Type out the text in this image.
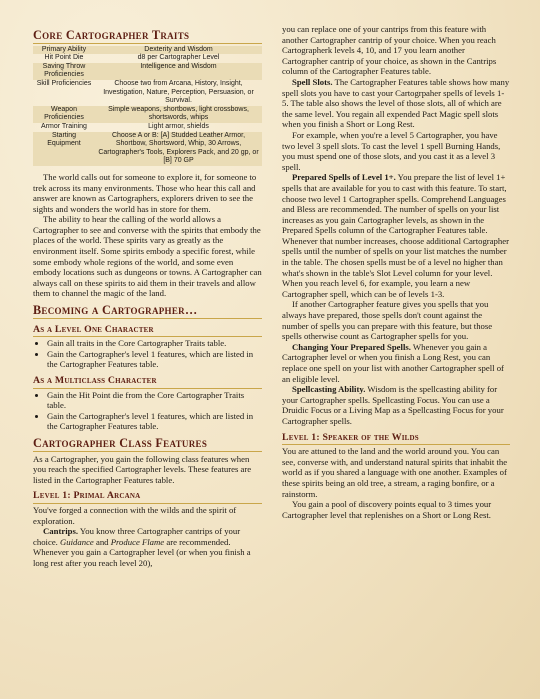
Core Cartographer Traits
Primary Ability	Dexterity and Wisdom
Hit Point Die	d8 per Cartographer Level
Saving Throw Proficiencies	Intelligence and Wisdom
Skill Proficiencies	Choose two from Arcana, History, Insight, Investigation, Nature, Perception, Persuasion, or Survival.
Weapon Proficiencies	Simple weapons, shortbows, light crossbows, shortswords, whips
Armor Training	Light armor, shields
Starting Equipment	Choose A or B: [A] Studded Leather Armor, Shortbow, Shortsword, Whip, 30 Arrows, Cartographer's Tools, Explorers Pack, and 20 gp, or [B] 70 GP

The world calls out for someone to explore it, for someone to trek across its many environments. Those who hear this call and answer are known as Cartographers, explorers driven to see the sights and wonders the world has in store for them.

The ability to hear the calling of the world allows a Cartographer to see and converse with the spirits that embody the places of the world. These spirits vary as greatly as the environment itself. Some spirits embody a specific forest, while some embody whole regions of the world, and some even embody locations such as dungeons or towns. A Cartographer can always call on these spirits to aid them in their travels and allow them to channel the magic of the land.

Becoming a Cartographer…
As a Level One Character
• Gain all traits in the Core Cartographer Traits table.
• Gain the Cartographer's level 1 features, which are listed in the Cartographer Features table.
As a Multiclass Character
• Gain the Hit Point die from the Core Cartographer Traits table.
• Gain the Cartographer's level 1 features, which are listed in the Cartographer Features table.
Cartographer Class Features

As a Cartographer, you gain the following class features when you reach the specified Cartographer levels. These features are listed in the Cartographer Features table.

Level 1: Primal Arcana

You've forged a connection with the wilds and the spirit of exploration.

Cantrips. You know three Cartographer cantrips of your choice. Guidance and Produce Flame are recommended. Whenever you gain a Cartographer level (or when you finish a long rest after you reach level 20),

you can replace one of your cantrips from this feature with another Cartographer cantrip of your choice. When you reach Cartographerk levels 4, 10, and 17 you learn another Cartographer cantrip of your choice, as shown in the Cantrips column of the Cartographer Features table.

Spell Slots. The Cartographer Features table shows how many spell slots you have to cast your Cartogrpaher spells of levels 1-5. The table also shows the level of those slots, all of which are the same level. You regain all expended Pact Magic spell slots when you finish a Short or Long Rest.

For example, when you're a level 5 Cartographer, you have two level 3 spell slots. To cast the level 1 spell Burning Hands, you must spend one of those slots, and you cast it as a level 3 spell.

Prepared Spells of Level 1+. You prepare the list of level 1+ spells that are available for you to cast with this feature. To start, choose two level 1 Cartographer spells. Comprehend Languages and Bless are recommended. The number of spells on your list increases as you gain Cartographer levels, as shown in the Prepared Spells column of the Cartographer Features table. Whenever that number increases, choose additional Cartographer spells until the number of spells on your list matches the number in the table. The chosen spells must be of a level no higher than what's shown in the table's Slot Level column for your level. When you reach level 6, for example, you learn a new Cartographer spell, which can be of levels 1-3.

If another Cartographer feature gives you spells that you always have prepared, those spells don't count against the number of spells you can prepare with this feature, but those spells otherwise count as Cartographer spells for you.

Changing Your Prepared Spells. Whenever you gain a Cartographer level or when you finish a Long Rest, you can replace one spell on your list with another Cartographer spell of an eligible level.

Spellcasting Ability. Wisdom is the spellcasting ability for your Cartographer spells. Spellcasting Focus. You can use a Druidic Focus or a Living Map as a Spellcasting Focus for your Cartographer spells.

Level 1: Speaker of the Wilds

You are attuned to the land and the world around you. You can see, converse with, and understand natural spirits that inhabit the world as if you shared a language with one another. Examples of these spirits being an old tree, a stream, a raging bonfire, or a rainstorm.

You gain a pool of discovery points equal to 3 times your Cartographer level that replenishes on a Short or Long Rest.
